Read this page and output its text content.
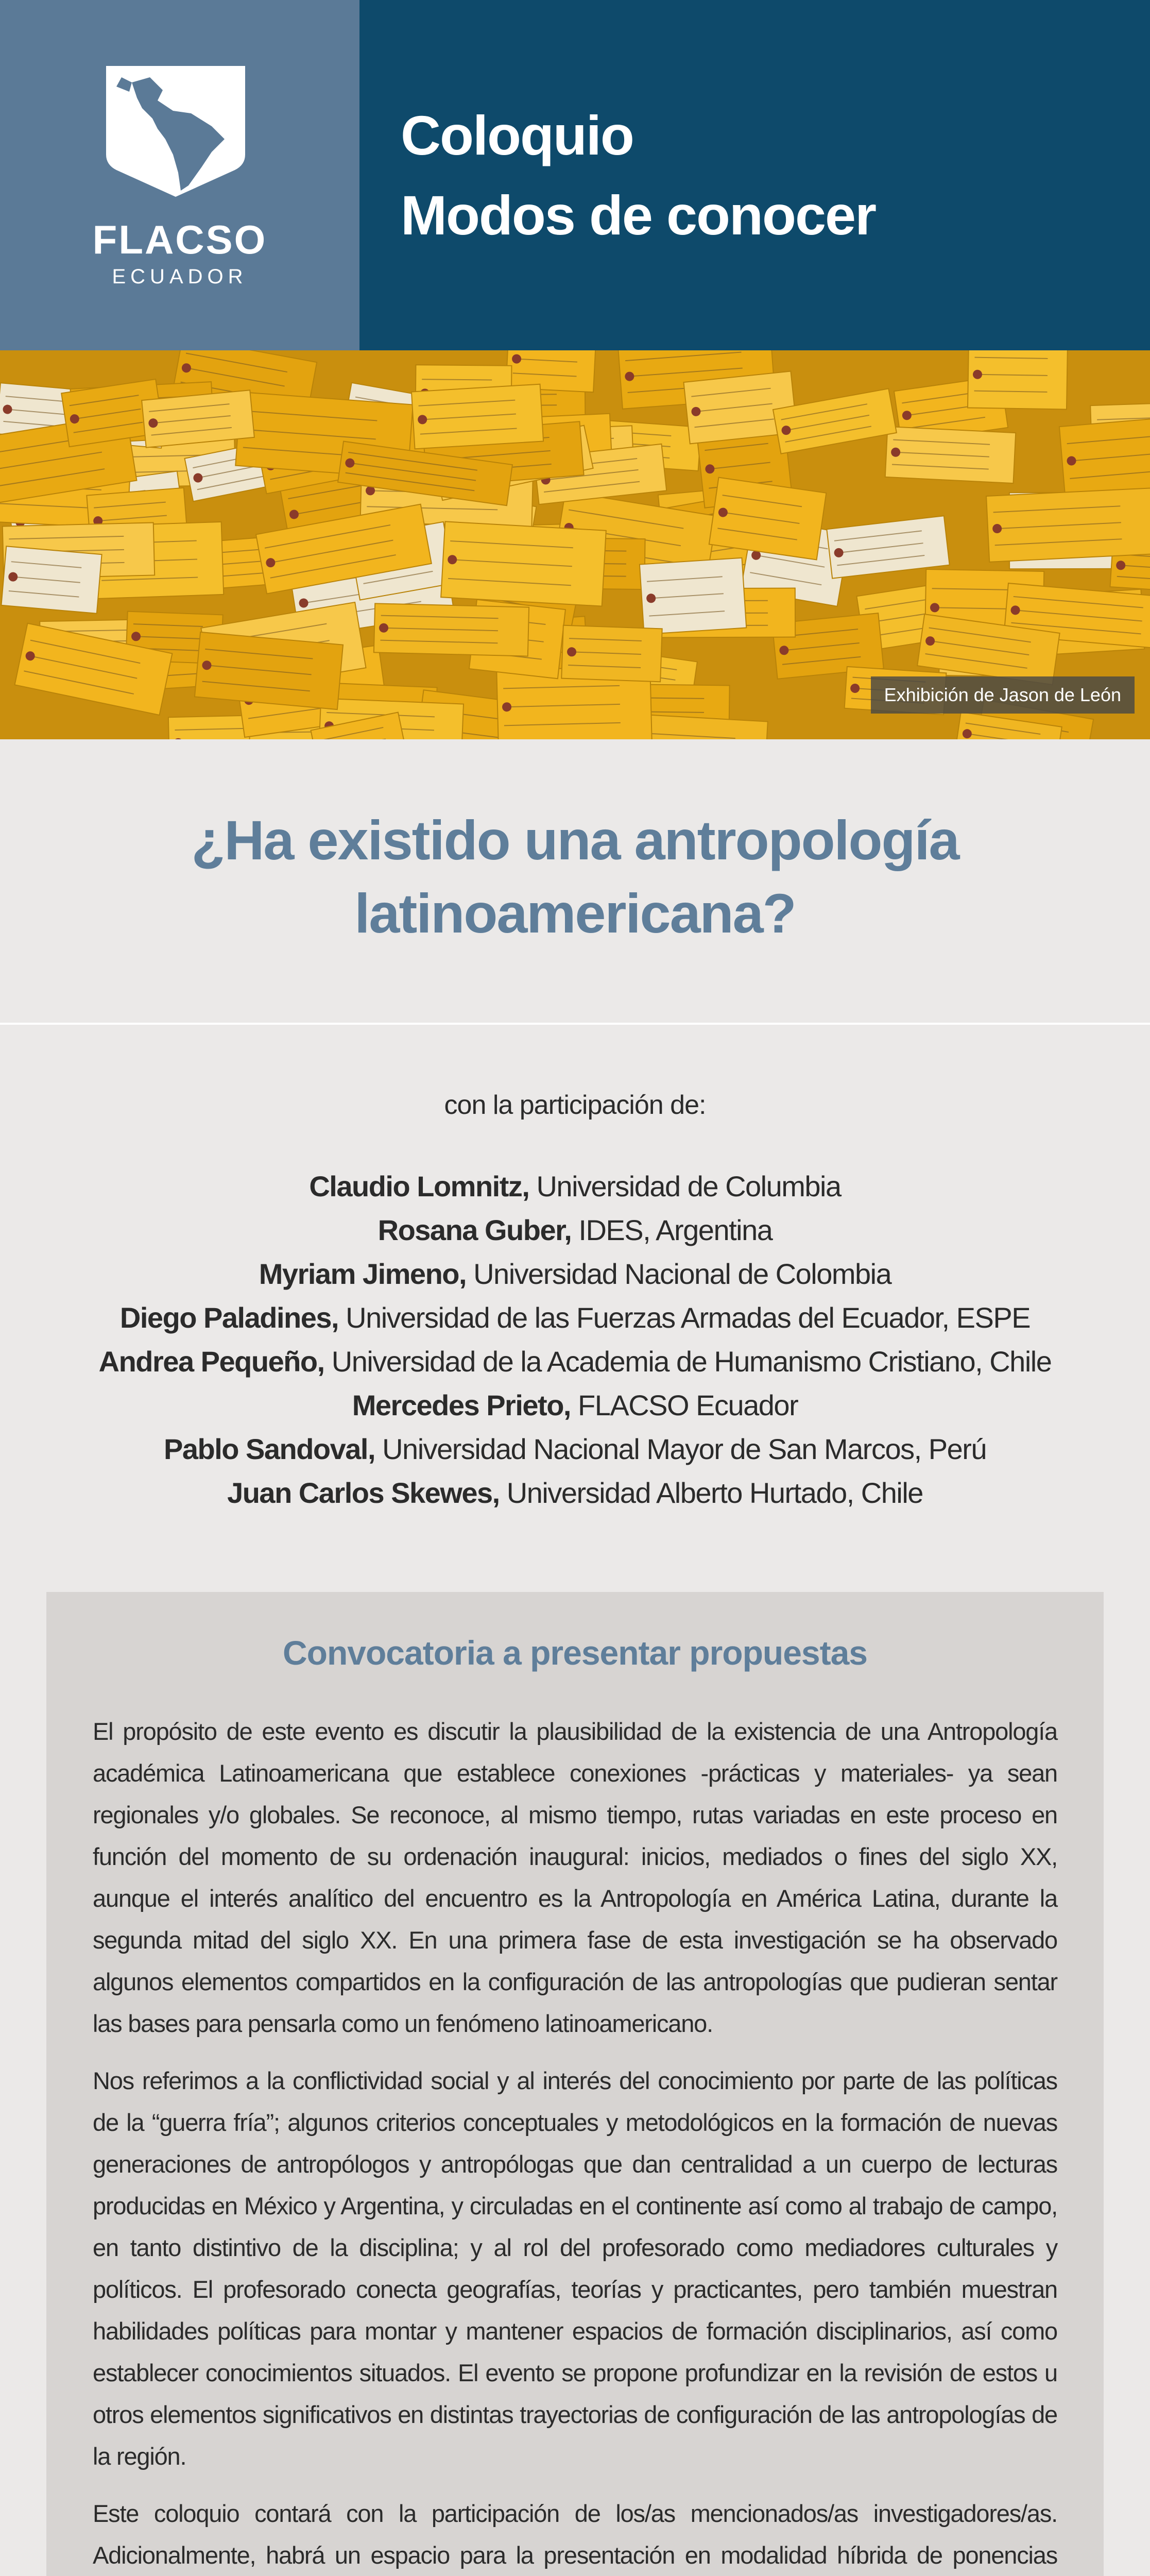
FLACSO
ECUADOR
Coloquio
Modos de conocer
Exhibición de Jason de León
¿Ha existido una antropología
latinoamericana?
con la participación de:
Claudio Lomnitz, Universidad de Columbia
Rosana Guber, IDES, Argentina
Myriam Jimeno, Universidad Nacional de Colombia
Diego Paladines, Universidad de las Fuerzas Armadas del Ecuador, ESPE
Andrea Pequeño, Universidad de la Academia de Humanismo Cristiano, Chile
Mercedes Prieto, FLACSO Ecuador
Pablo Sandoval, Universidad Nacional Mayor de San Marcos, Perú
Juan Carlos Skewes, Universidad Alberto Hurtado, Chile
Convocatoria a presentar propuestas

El propósito de este evento es discutir la plausibilidad de la existencia de una Antropología académica Latinoamericana que establece conexiones -prácticas y materiales- ya sean regionales y/o globales. Se reconoce, al mismo tiempo, rutas variadas en este proceso en función del momento de su ordenación inaugural: inicios, mediados o fines del siglo XX, aunque el interés analítico del encuentro es la Antropología en América Latina, durante la segunda mitad del siglo XX. En una primera fase de esta investigación se ha observado algunos elementos compartidos en la configuración de las antropologías que pudieran sentar las bases para pensarla como un fenómeno latinoamericano.

Nos referimos a la conflictividad social y al interés del conocimiento por parte de las políticas de la “guerra fría”; algunos criterios conceptuales y metodológicos en la formación de nuevas generaciones de antropólogos y antropólogas que dan centralidad a un cuerpo de lecturas producidas en México y Argentina, y circuladas en el continente así como al trabajo de campo, en tanto distintivo de la disciplina; y al rol del profesorado como mediadores culturales y políticos. El profesorado conecta geografías, teorías y practicantes, pero también muestran habilidades políticas para montar y mantener espacios de formación disciplinarios, así como establecer conocimientos situados. El evento se propone profundizar en la revisión de estos u otros elementos significativos en distintas trayectorias de configuración de las antropologías de la región.

Este coloquio contará con la participación de los/as mencionados/as investigadores/as. Adicionalmente, habrá un espacio para la presentación en modalidad híbrida de ponencias
